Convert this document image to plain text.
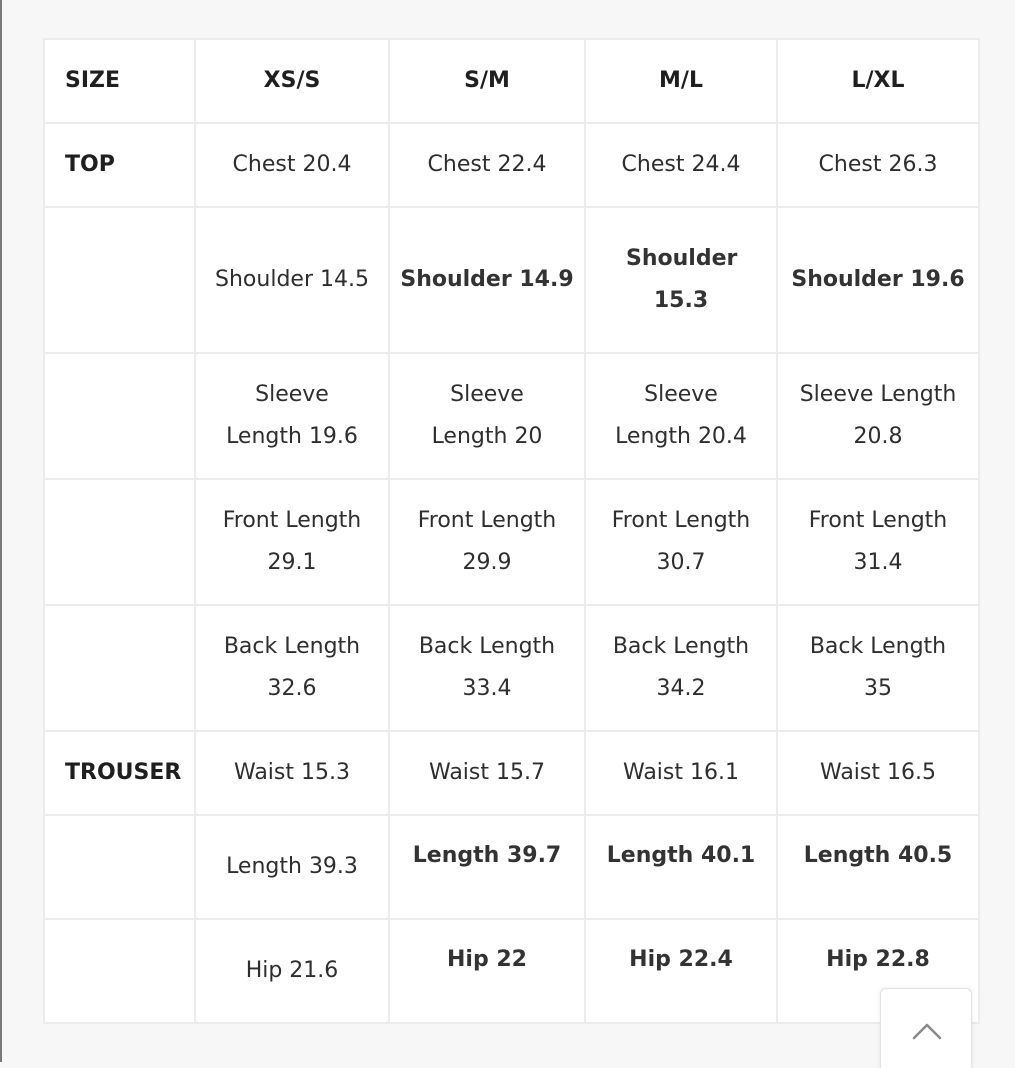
SIZE	XS/S	S/M	M/L	L/XL
TOP	Chest 20.4	Chest 22.4	Chest 24.4	Chest 26.3
	Shoulder 14.5	Shoulder 14.9	Shoulder 15.3	Shoulder 19.6
	Sleeve Length 19.6	Sleeve Length 20	Sleeve Length 20.4	Sleeve Length 20.8
	Front Length 29.1	Front Length 29.9	Front Length 30.7	Front Length 31.4
	Back Length 32.6	Back Length 33.4	Back Length 34.2	Back Length 35
TROUSER	Waist 15.3	Waist 15.7	Waist 16.1	Waist 16.5
	Length 39.3	Length 39.7	Length 40.1	Length 40.5
	Hip 21.6	Hip 22	Hip 22.4	Hip 22.8
